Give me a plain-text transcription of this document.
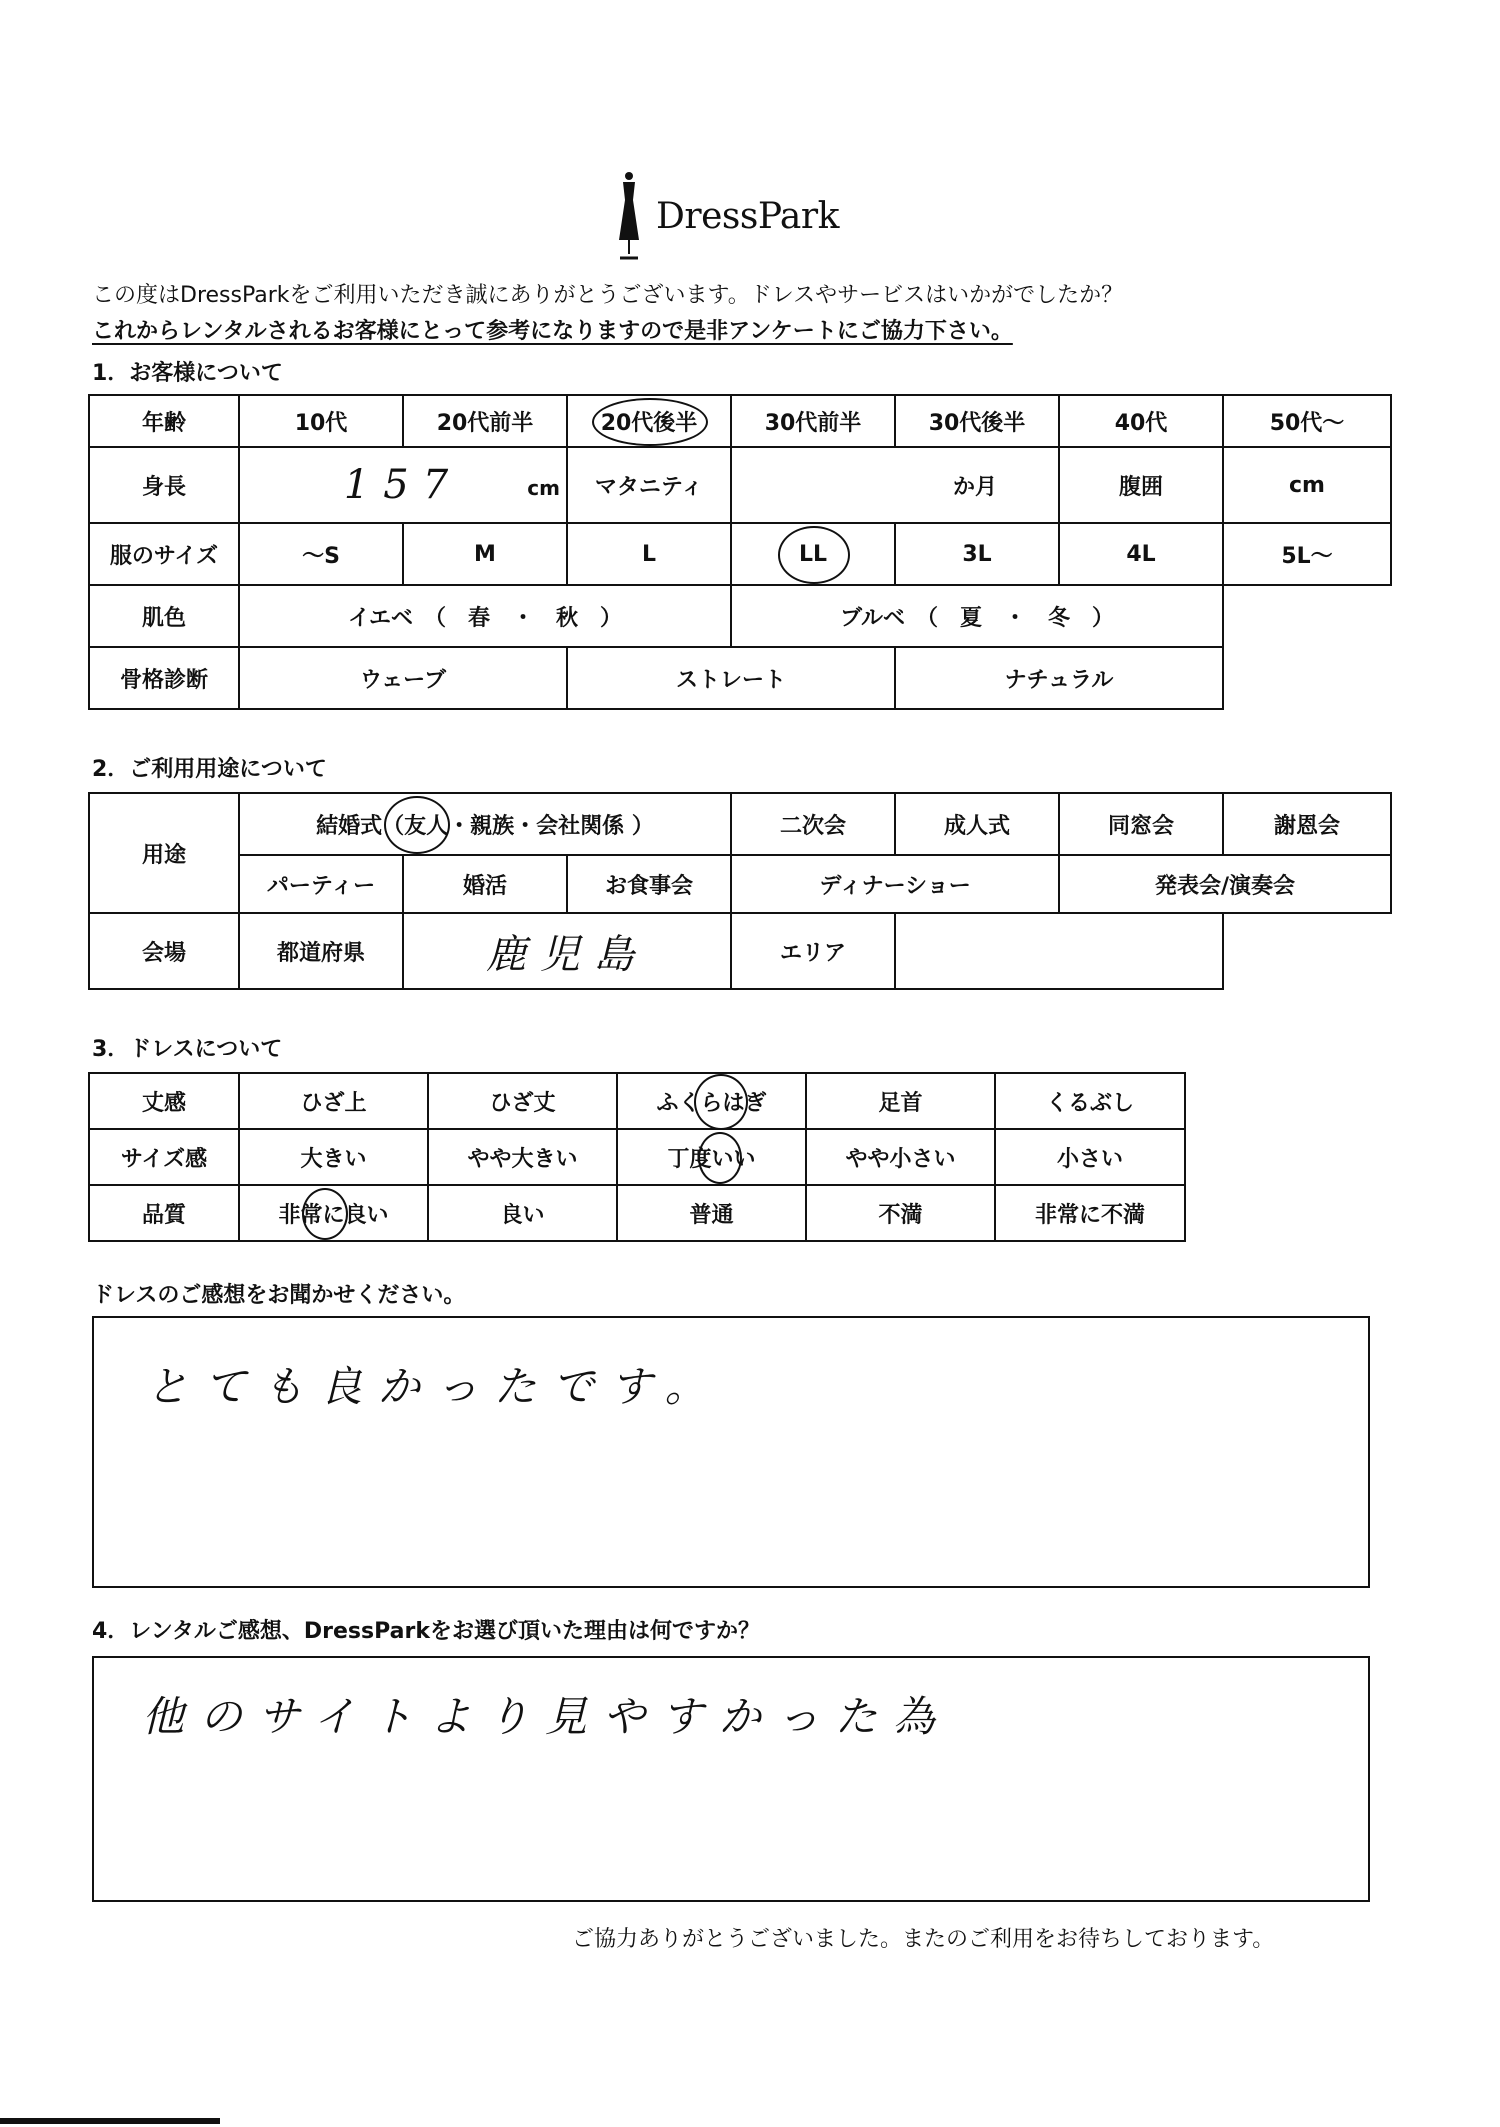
DressPark
この度はDressParkをご利用いただき誠にありがとうございます。ドレスやサービスはいかがでしたか？
これからレンタルされるお客様にとって参考になりますので是非アンケートにご協力下さい。
1．お客様について
年齢	10代	20代前半	20代後半	30代前半	30代後半	40代	50代～
身長	157 cm		マタニティ	か月		腹囲	cm
服のサイズ	～S	M	L	LL	3L	4L	5L～
肌色	イエベ　（　春　・　秋　）			ブルベ　（　夏　・　冬　）			
骨格診断	ウェーブ		ストレート		ナチュラル		
2．ご利用用途について
用途	結婚式（友人・親族・会社関係 ）			二次会	成人式	同窓会	謝恩会
	パーティー	婚活	お食事会	ディナーショー		発表会/演奏会	
会場	都道府県	鹿児島		エリア			
3．ドレスについて
丈感	ひざ上	ひざ丈	ふくらはぎ	足首	くるぶし
サイズ感	大きい	やや大きい	丁度いい	やや小さい	小さい
品質	非常に良い	良い	普通	不満	非常に不満
ドレスのご感想をお聞かせください。
とても良かったです。
4．レンタルご感想、DressParkをお選び頂いた理由は何ですか？
他のサイトより見やすかった為
ご協力ありがとうございました。またのご利用をお待ちしております。
